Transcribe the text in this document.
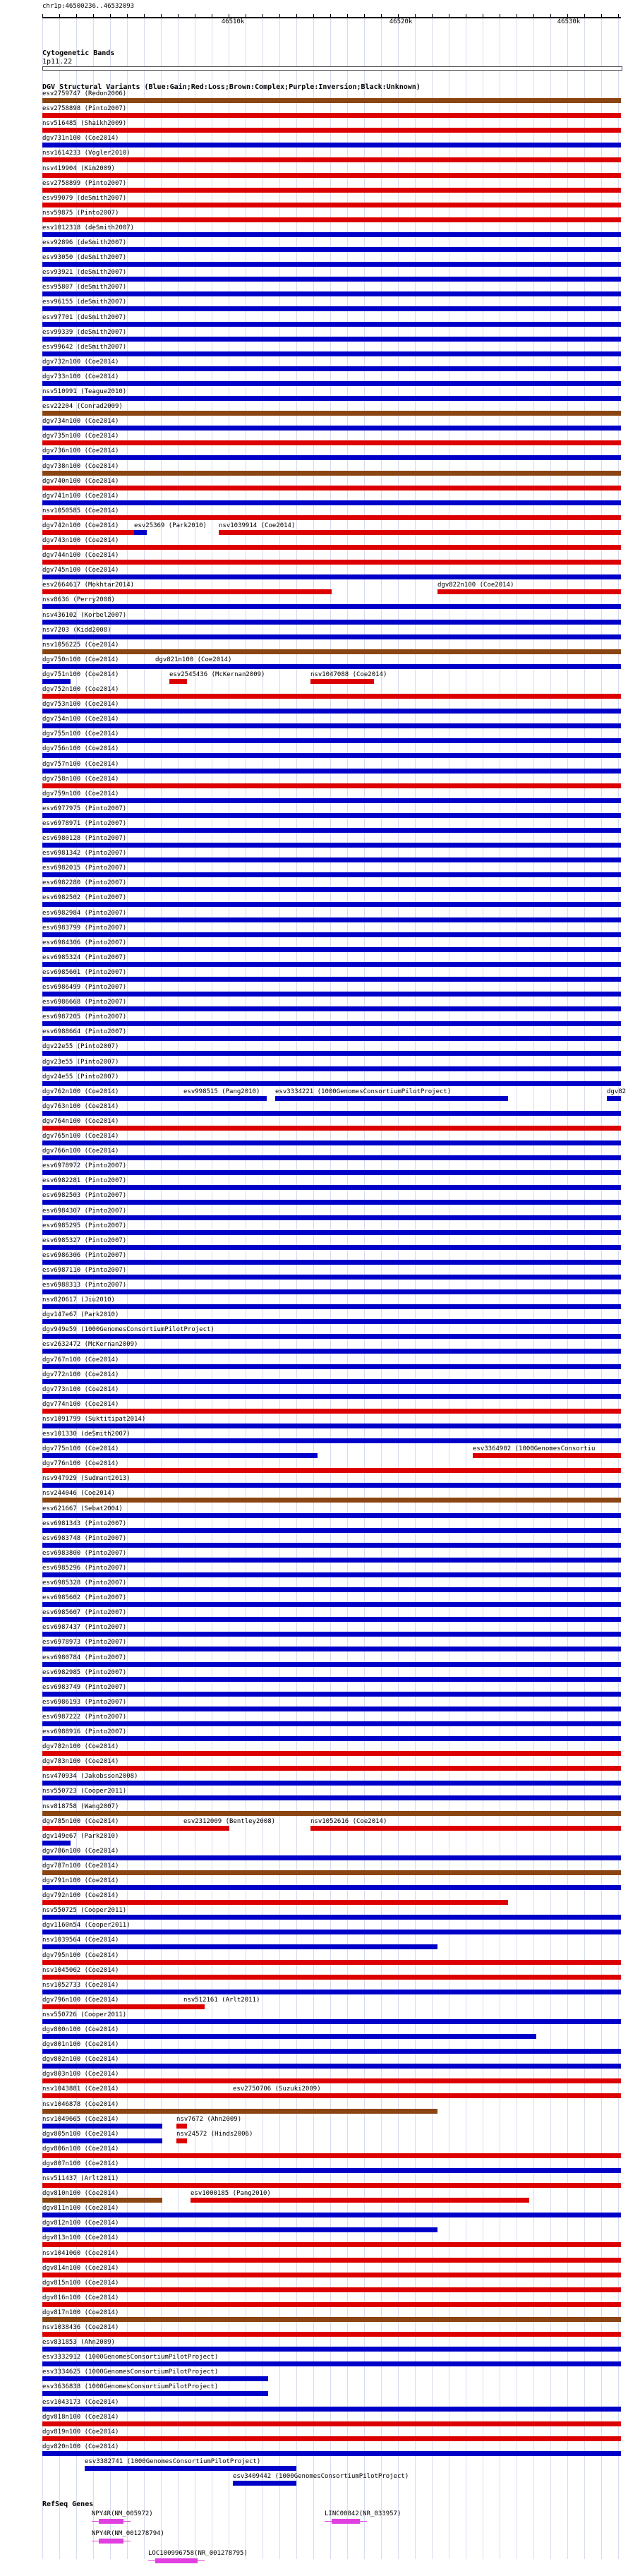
chr1p:46500236..46532093
46510k	46520k	46530k
Cytogenetic Bands
1p11.22
DGV Structural Variants (Blue:Gain;Red:Loss;Brown:Complex;Purple:Inversion;Black:Unknown)
esv2759747 (Redon2006)
esv2758898 (Pinto2007)
nsv516485 (Shaikh2009)
dgv731n100 (Coe2014)
nsv1614233 (Vogler2010)
nsv419904 (Kim2009)
esv2758899 (Pinto2007)
esv99079 (deSmith2007)
nsv59875 (Pinto2007)
esv1012318 (deSmith2007)
esv92896 (deSmith2007)
esv93050 (deSmith2007)
esv93921 (deSmith2007)
esv95807 (deSmith2007)
esv96155 (deSmith2007)
esv97701 (deSmith2007)
esv99339 (deSmith2007)
esv99642 (deSmith2007)
dgv732n100 (Coe2014)
dgv733n100 (Coe2014)
nsv510991 (Teague2010)
esv22204 (Conrad2009)
dgv734n100 (Coe2014)
dgv735n100 (Coe2014)
dgv736n100 (Coe2014)
dgv738n100 (Coe2014)
dgv740n100 (Coe2014)
dgv741n100 (Coe2014)
nsv1050585 (Coe2014)
dgv742n100 (Coe2014) esv25369 (Park2010) nsv1039914 (Coe2014)
dgv743n100 (Coe2014)
dgv744n100 (Coe2014)
dgv745n100 (Coe2014)
esv2664617 (Mokhtar2014)	dgv822n100 (Coe2014)
nsv8636 (Perry2008)
nsv436102 (Korbel2007)
nsv7203 (Kidd2008)
nsv1056225 (Coe2014)
dgv750n100 (Coe2014)	dgv821n100 (Coe2014)
dgv751n100 (Coe2014)	esv2545436 (McKernan2009)	nsv1047088 (Coe2014)
dgv752n100 (Coe2014)
dgv753n100 (Coe2014)
dgv754n100 (Coe2014)
dgv755n100 (Coe2014)
dgv756n100 (Coe2014)
dgv757n100 (Coe2014)
dgv758n100 (Coe2014)
dgv759n100 (Coe2014)
esv6977975 (Pinto2007)
esv6978971 (Pinto2007)
esv6980128 (Pinto2007)
esv6981342 (Pinto2007)
esv6982015 (Pinto2007)
esv6982280 (Pinto2007)
esv6982502 (Pinto2007)
esv6982984 (Pinto2007)
esv6983799 (Pinto2007)
esv6984306 (Pinto2007)
esv6985324 (Pinto2007)
esv6985601 (Pinto2007)
esv6986499 (Pinto2007)
esv6986668 (Pinto2007)
esv6987205 (Pinto2007)
esv6988664 (Pinto2007)
dgv22e55 (Pinto2007)
dgv23e55 (Pinto2007)
dgv24e55 (Pinto2007)
dgv762n100 (Coe2014)	esv998515 (Pang2010) esv3334221 (1000GenomesConsortiumPilotProject)	dgv82
dgv763n100 (Coe2014)
dgv764n100 (Coe2014)
dgv765n100 (Coe2014)
dgv766n100 (Coe2014)
esv6978972 (Pinto2007)
esv6982281 (Pinto2007)
esv6982503 (Pinto2007)
esv6984307 (Pinto2007)
esv6985295 (Pinto2007)
esv6985327 (Pinto2007)
esv6986306 (Pinto2007)
esv6987110 (Pinto2007)
esv6988313 (Pinto2007)
nsv820617 (Jiu2010)
dgv147e67 (Park2010)
dgv949e59 (1000GenomesConsortiumPilotProject)
esv2632472 (McKernan2009)
dgv767n100 (Coe2014)
dgv772n100 (Coe2014)
dgv773n100 (Coe2014)
dgv774n100 (Coe2014)
nsv1091799 (Suktitipat2014)
esv101330 (deSmith2007)
dgv775n100 (Coe2014)	esv3364902 (1000GenomesConsortiu
dgv776n100 (Coe2014)
nsv947929 (Sudmant2013)
nsv244046 (Coe2014)
esv621667 (Sebat2004)
esv6981343 (Pinto2007)
esv6983748 (Pinto2007)
esv6983800 (Pinto2007)
esv6985296 (Pinto2007)
esv6985328 (Pinto2007)
esv6985602 (Pinto2007)
esv6985607 (Pinto2007)
esv6987437 (Pinto2007)
esv6978973 (Pinto2007)
esv6980784 (Pinto2007)
esv6982985 (Pinto2007)
esv6983749 (Pinto2007)
esv6986193 (Pinto2007)
esv6987222 (Pinto2007)
esv6988916 (Pinto2007)
dgv782n100 (Coe2014)
dgv783n100 (Coe2014)
nsv470934 (Jakobsson2008)
nsv550723 (Cooper2011)
nsv818758 (Wang2007)
dgv785n100 (Coe2014)	esv2312009 (Bentley2008)	nsv1052616 (Coe2014)
dgv149e67 (Park2010)
dgv786n100 (Coe2014)
dgv787n100 (Coe2014)
dgv791n100 (Coe2014)
dgv792n100 (Coe2014)
nsv550725 (Cooper2011)
dgv1160n54 (Cooper2011)
nsv1039564 (Coe2014)
dgv795n100 (Coe2014)
nsv1045062 (Coe2014)
nsv1052733 (Coe2014)
dgv796n100 (Coe2014)	nsv512161 (Arlt2011)
nsv550726 (Cooper2011)
dgv800n100 (Coe2014)
dgv801n100 (Coe2014)
dgv802n100 (Coe2014)
dgv803n100 (Coe2014)
nsv1043881 (Coe2014)	esv2750706 (Suzuki2009)
nsv1046878 (Coe2014)
nsv1049665 (Coe2014)	nsv7672 (Ahn2009)
dgv805n100 (Coe2014)	nsv24572 (Hinds2006)
dgv806n100 (Coe2014)
dgv807n100 (Coe2014)
nsv511437 (Arlt2011)
dgv810n100 (Coe2014)	esv1000185 (Pang2010)
dgv811n100 (Coe2014)
dgv812n100 (Coe2014)
dgv813n100 (Coe2014)
nsv1041060 (Coe2014)
dgv814n100 (Coe2014)
dgv815n100 (Coe2014)
dgv816n100 (Coe2014)
dgv817n100 (Coe2014)
nsv1038436 (Coe2014)
esv831853 (Ahn2009)
esv3332912 (1000GenomesConsortiumPilotProject)
esv3334625 (1000GenomesConsortiumPilotProject)
esv3636838 (1000GenomesConsortiumPilotProject)
esv1043173 (Coe2014)
dgv818n100 (Coe2014)
dgv819n100 (Coe2014)
dgv820n100 (Coe2014)
esv3382741 (1000GenomesConsortiumPilotProject)
esv3409442 (1000GenomesConsortiumPilotProject)
RefSeq Genes
NPY4R(NM_005972)	LINC00842(NR_033957)
NPY4R(NM_001278794)
LOC100996758(NR_001278795)
